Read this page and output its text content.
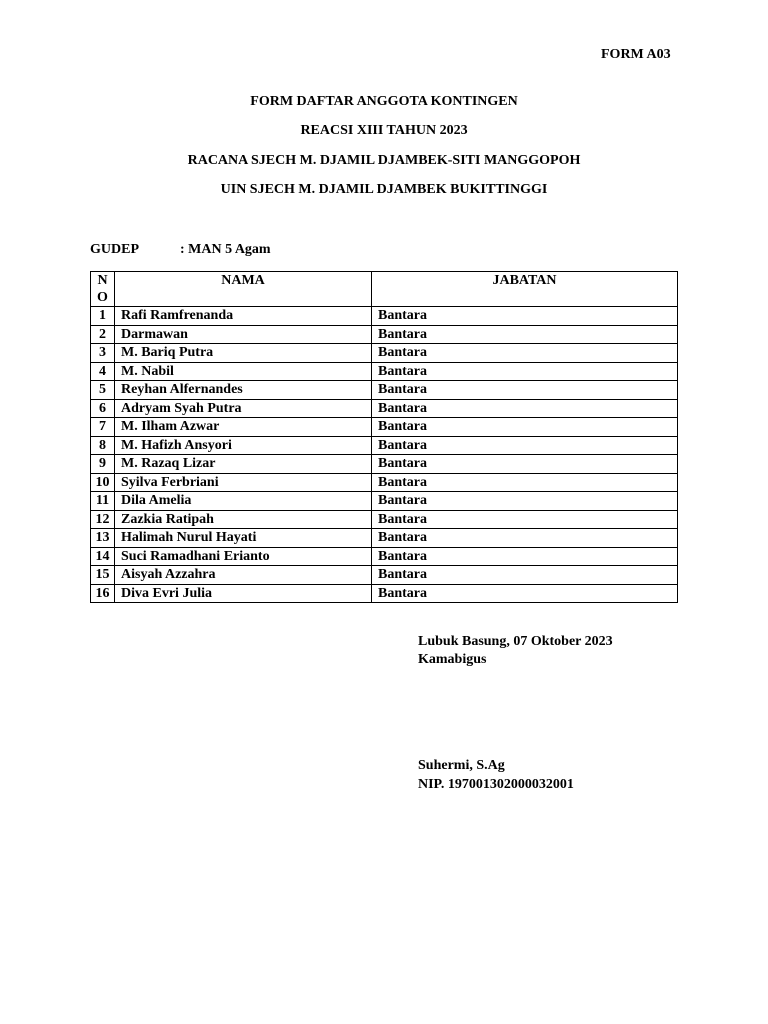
FORM A03
FORM DAFTAR ANGGOTA KONTINGEN
REACSI XIII TAHUN 2023
RACANA SJECH M. DJAMIL DJAMBEK-SITI MANGGOPOH
UIN SJECH M. DJAMIL DJAMBEK BUKITTINGGI
GUDEP	: MAN 5 Agam
N
O	NAMA	JABATAN
1	Rafi Ramfrenanda	Bantara
2	Darmawan	Bantara
3	M. Bariq Putra	Bantara
4	M. Nabil	Bantara
5	Reyhan Alfernandes	Bantara
6	Adryam Syah Putra	Bantara
7	M. Ilham Azwar	Bantara
8	M. Hafizh Ansyori	Bantara
9	M. Razaq Lizar	Bantara
10	Syilva Ferbriani	Bantara
11	Dila Amelia	Bantara
12	Zazkia Ratipah	Bantara
13	Halimah Nurul Hayati	Bantara
14	Suci Ramadhani Erianto	Bantara
15	Aisyah Azzahra	Bantara
16	Diva Evri Julia	Bantara
Lubuk Basung, 07 Oktober 2023
Kamabigus
Suhermi, S.Ag
NIP. 197001302000032001
